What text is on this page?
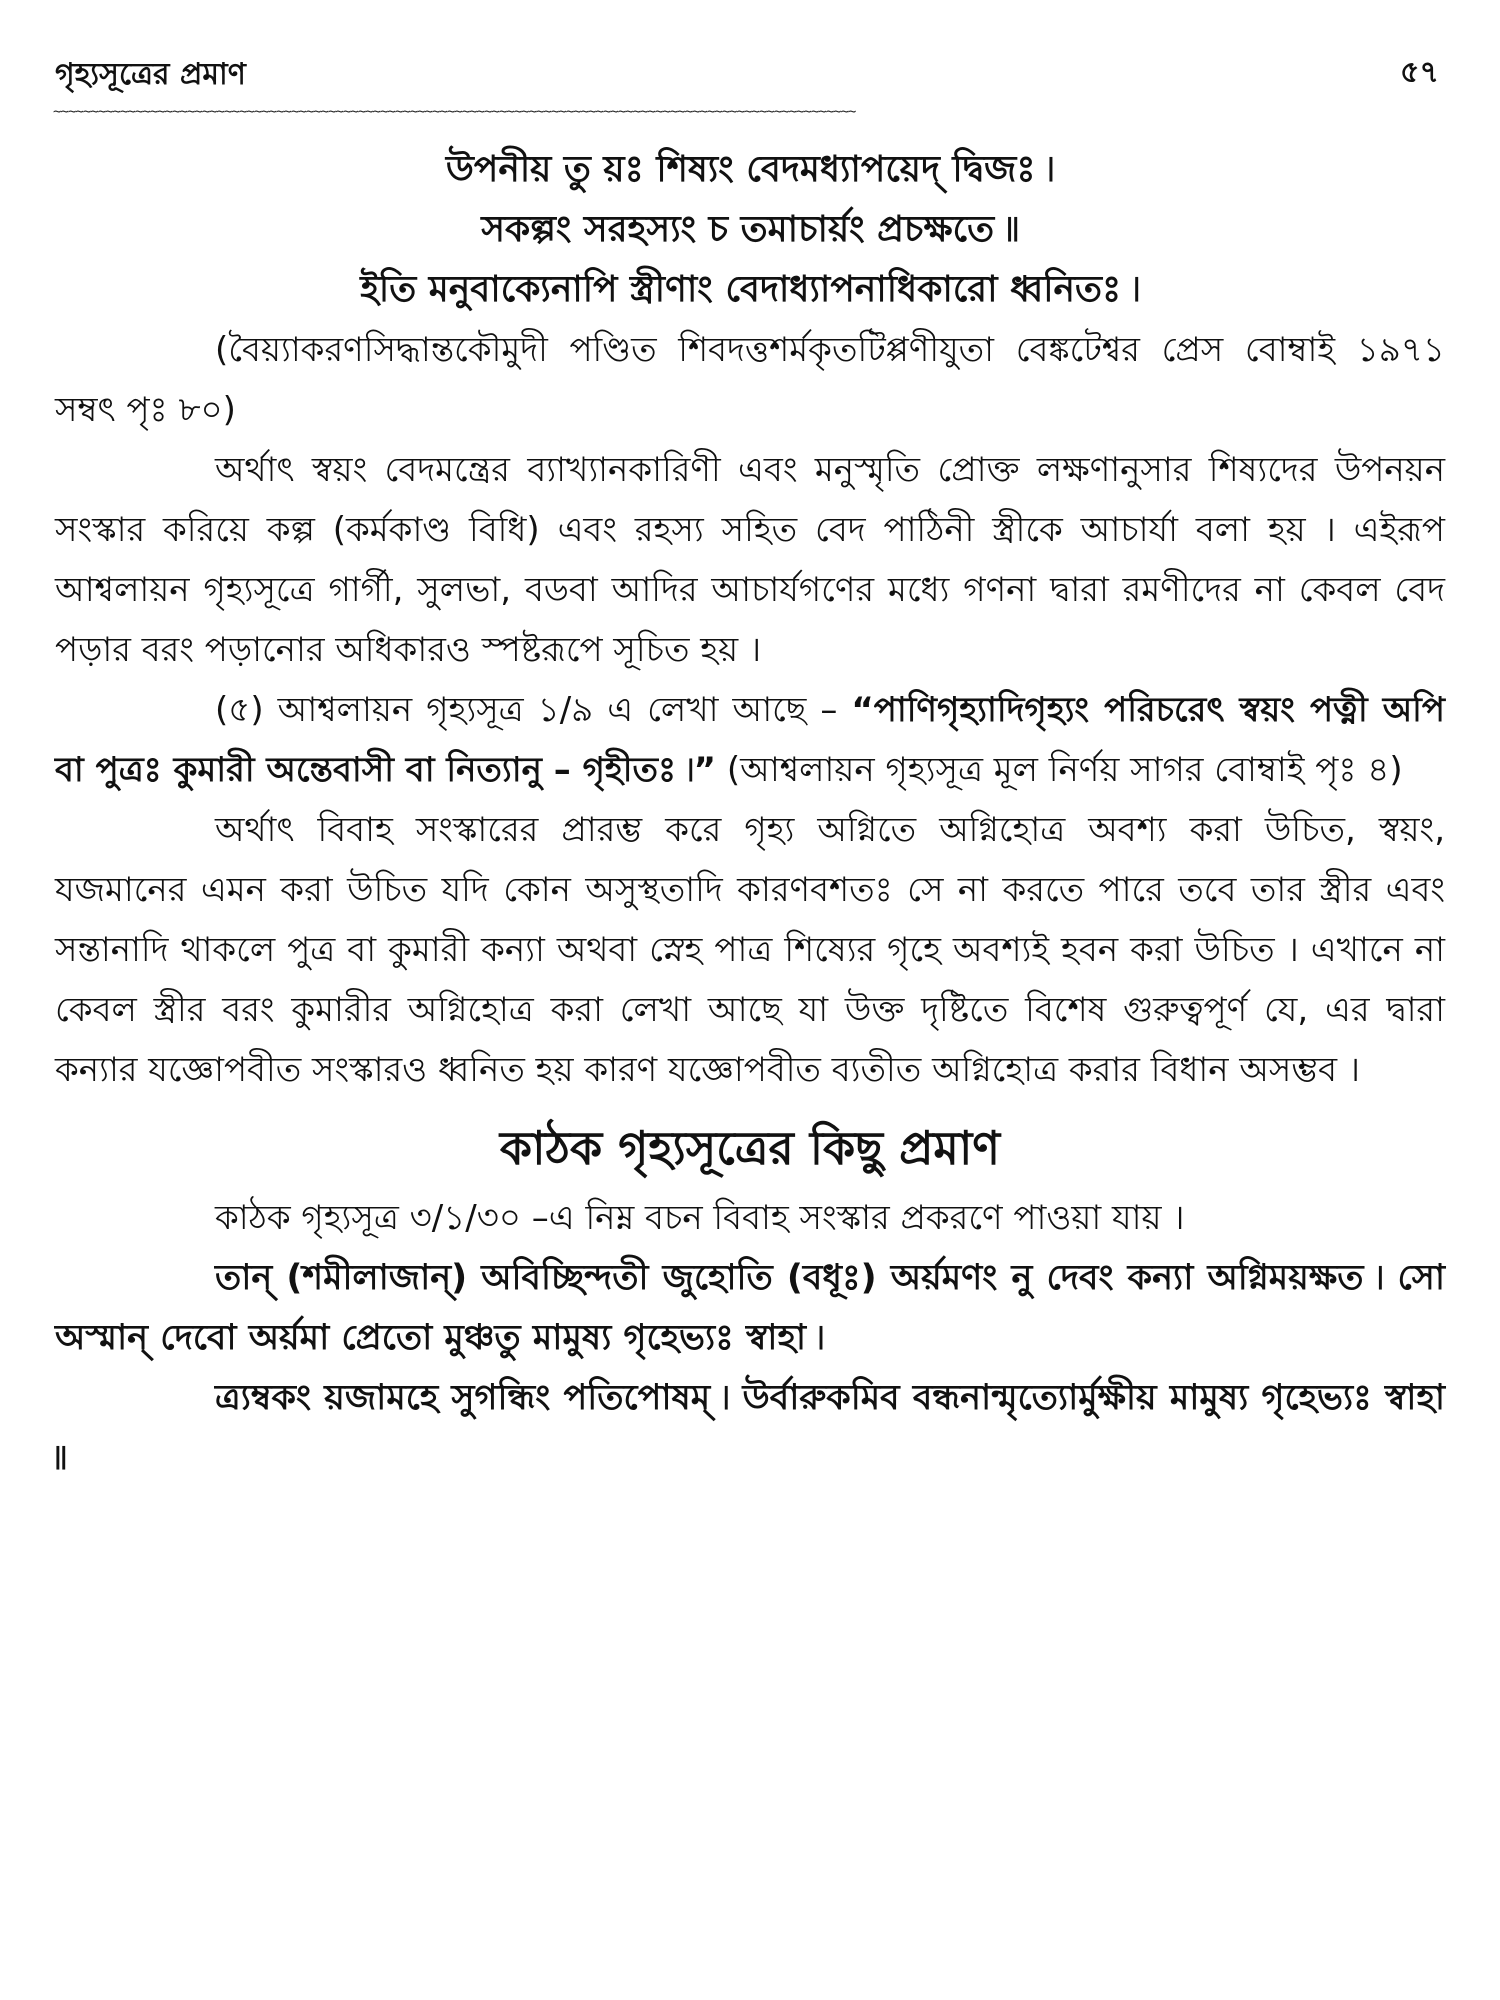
গৃহ্যসূত্রের প্রমাণ	৫৭
~~~~~~~~~~~~~~~~~~~~~~~~~~~~~~~~~~~~~~~~~~~~~~~~~~~~~~~~~~~~~~~~~~~~~~~~~~~~~~~~~~~~~~~~~~~~~~~~~~~~~~~~~~~~

উপনীয় তু য়ঃ শিষ্যং বেদমধ্যাপয়েদ্ দ্বিজঃ ৷

সকল্পং সরহস্যং চ তমাচার্য়ং প্রচক্ষতে ৷৷

ইতি মনুবাক্যেনাপি স্ত্রীণাং বেদাধ্যাপনাধিকারো ধ্বনিতঃ ৷

(বৈয়্যাকরণসিদ্ধান্তকৌমুদী পণ্ডিত শিবদত্তশর্মকৃতটিপ্পণীযুতা বেঙ্কটেশ্বর প্রেস বোম্বাই ১৯৭১ সম্বৎ পৃঃ ৮০)

অর্থাৎ স্বয়ং বেদমন্ত্রের ব্যাখ্যানকারিণী এবং মনুস্মৃতি প্রোক্ত লক্ষণানুসার শিষ্যদের উপনয়ন সংস্কার করিয়ে কল্প (কর্মকাণ্ড বিধি) এবং রহস্য সহিত বেদ পাঠিনী স্ত্রীকে আচার্যা বলা হয় । এইরূপ আশ্বলায়ন গৃহ্যসূত্রে গার্গী, সুলভা, বডবা আদির আচার্যগণের মধ্যে গণনা দ্বারা রমণীদের না কেবল বেদ পড়ার বরং পড়ানোর অধিকারও স্পষ্টরূপে সূচিত হয় ।

(৫) আশ্বলায়ন গৃহ্যসূত্র ১/৯ এ লেখা আছে – “পাণিগৃহ্যাদিগৃহ্যং পরিচরেৎ স্বয়ং পত্নী অপি বা পুত্রঃ কুমারী অন্তেবাসী বা নিত্যানু – গৃহীতঃ ৷” (আশ্বলায়ন গৃহ্যসূত্র মূল নির্ণয় সাগর বোম্বাই পৃঃ ৪)

অর্থাৎ বিবাহ সংস্কারের প্রারম্ভ করে গৃহ্য অগ্নিতে অগ্নিহোত্র অবশ্য করা উচিত, স্বয়ং, যজমানের এমন করা উচিত যদি কোন অসুস্থতাদি কারণবশতঃ সে না করতে পারে তবে তার স্ত্রীর এবং সন্তানাদি থাকলে পুত্র বা কুমারী কন্যা অথবা স্নেহ পাত্র শিষ্যের গৃহে অবশ্যই হবন করা উচিত । এখানে না কেবল স্ত্রীর বরং কুমারীর অগ্নিহোত্র করা লেখা আছে যা উক্ত দৃষ্টিতে বিশেষ গুরুত্বপূর্ণ যে, এর দ্বারা কন্যার যজ্ঞোপবীত সংস্কারও ধ্বনিত হয় কারণ যজ্ঞোপবীত ব্যতীত অগ্নিহোত্র করার বিধান অসম্ভব ।

কাঠক গৃহ্যসূত্রের কিছু প্রমাণ

কাঠক গৃহ্যসূত্র ৩/১/৩০ –এ নিম্ন বচন বিবাহ সংস্কার প্রকরণে পাওয়া যায় ।

তান্ (শমীলাজান্) অবিচ্ছিন্দতী জুহোতি (বধূঃ) অর্য়মণং নু দেবং কন্যা অগ্নিময়ক্ষত ৷ সো অস্মান্ দেবো অর্য়মা প্রেতো মুঞ্চতু মামুষ্য গৃহেভ্যঃ স্বাহা ৷

ত্র্যম্বকং য়জামহে সুগন্ধিং পতিপোষম্ ৷ উর্বারুকমিব বন্ধনান্মৃত্যোর্মুক্ষীয় মামুষ্য গৃহেভ্যঃ স্বাহা ৷৷
